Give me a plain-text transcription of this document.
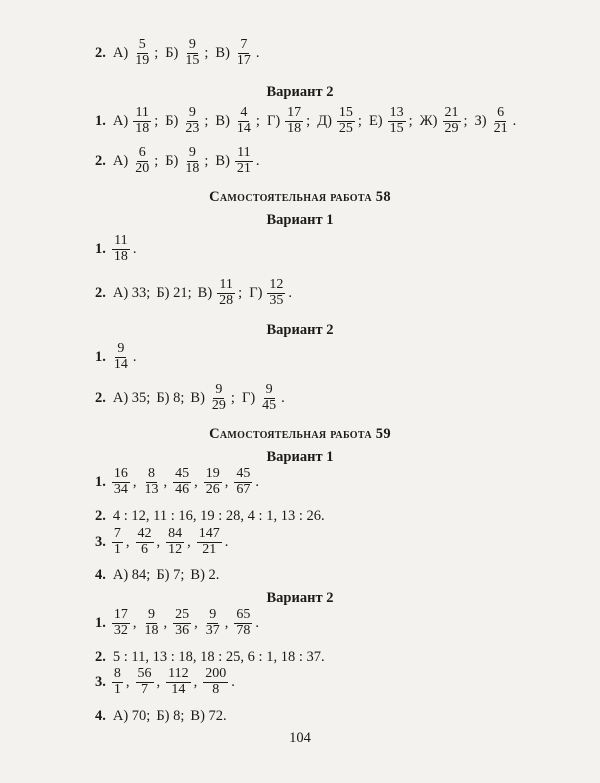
2. $А) \frac{5}{19}$ ; $Б) \frac{9}{15}$ ; $В) \frac{7}{17}$ .
Вариант 2
1. $А) \frac{11}{18}$ ; $Б) \frac{9}{23}$ ; $В) \frac{4}{14}$ ; $Г) \frac{17}{18}$ ; $Д) \frac{15}{25}$ ; $Е) \frac{13}{15}$ ; $Ж) \frac{21}{29}$ ; $З) \frac{6}{21}$ .
2. $А) \frac{6}{20}$ ; $Б) \frac{9}{18}$ ; $В) \frac{11}{21}$ .
Самостоятельная работа 58
Вариант 1
1. $\frac{11}{18}$ .
2. А) 33; Б) 21; $В) \frac{11}{28}$ ; $Г) \frac{12}{35}$ .
Вариант 2
1. $\frac{9}{14}$ .
2. А) 35; Б) 8; $В) \frac{9}{29}$ ; $Г) \frac{9}{45}$ .
Самостоятельная работа 59
Вариант 1
1. $\frac{16}{34}$ , $\frac{8}{13}$ , $\frac{45}{46}$ , $\frac{19}{26}$ , $\frac{45}{67}$ .
2. 4 : 12, 11 : 16, 19 : 28, 4 : 1, 13 : 26.
3. $\frac{7}{1}$ , $\frac{42}{6}$ , $\frac{84}{12}$ , $\frac{147}{21}$ .
4. А) 84; Б) 7; В) 2.
Вариант 2
1. $\frac{17}{32}$ , $\frac{9}{18}$ , $\frac{25}{36}$ , $\frac{9}{37}$ , $\frac{65}{78}$ .
2. 5 : 11, 13 : 18, 18 : 25, 6 : 1, 18 : 37.
3. $\frac{8}{1}$ , $\frac{56}{7}$ , $\frac{112}{14}$ , $\frac{200}{8}$ .
4. А) 70; Б) 8; В) 72.
104
